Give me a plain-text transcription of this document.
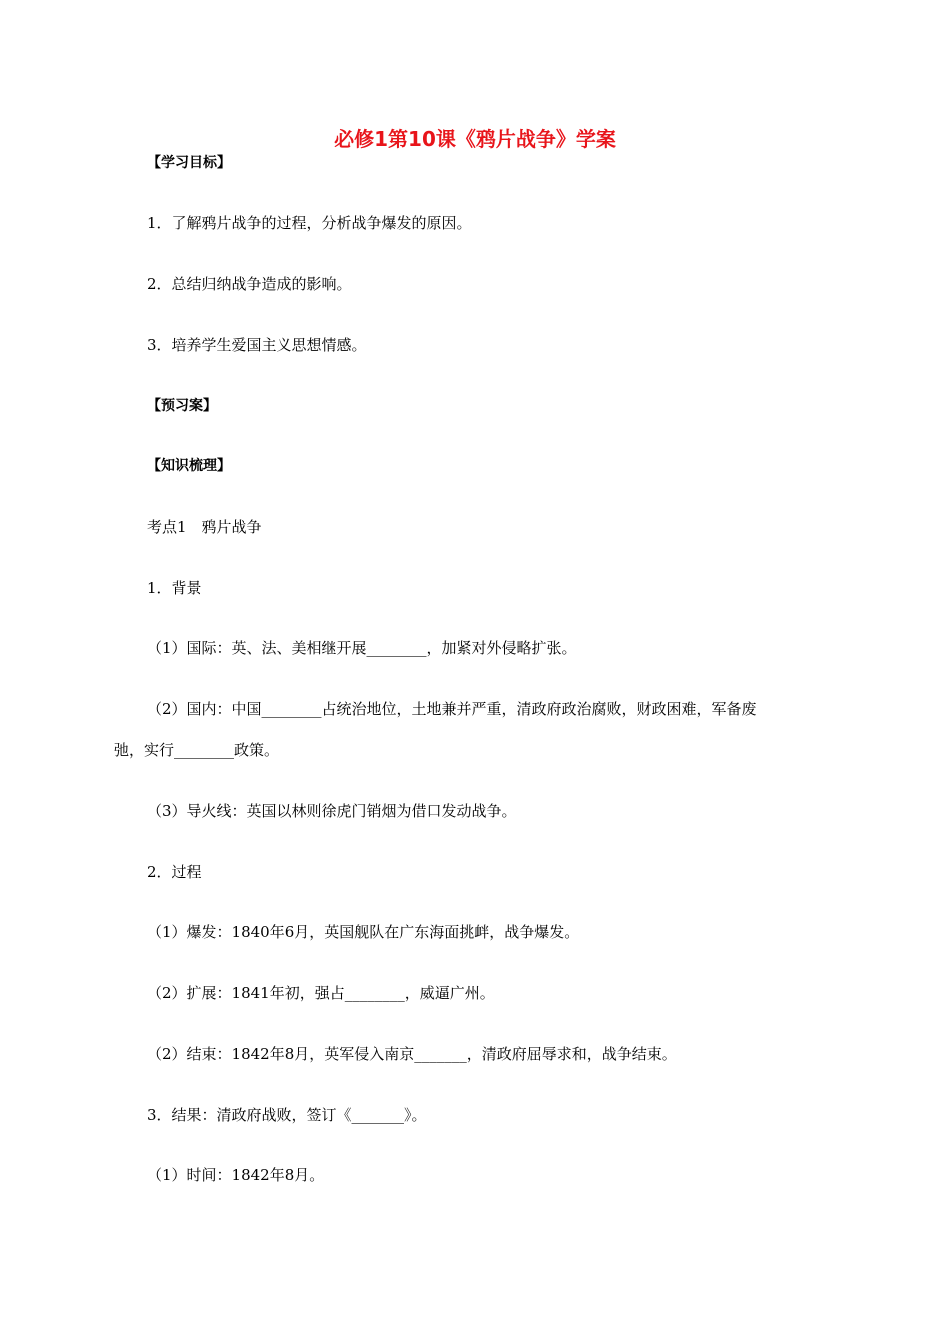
必修1第10课《鸦片战争》学案
【学习目标】
1．了解鸦片战争的过程，分析战争爆发的原因。
2．总结归纳战争造成的影响。
3．培养学生爱国主义思想情感。
【预习案】
【知识梳理】
考点1　鸦片战争
1．背景
（1）国际：英、法、美相继开展________，加紧对外侵略扩张。
（2）国内：中国________占统治地位，土地兼并严重，清政府政治腐败，财政困难，军备废
弛，实行________政策。
（3）导火线：英国以林则徐虎门销烟为借口发动战争。
2．过程
（1）爆发：1840年6月，英国舰队在广东海面挑衅，战争爆发。
（2）扩展：1841年初，强占________，威逼广州。
（2）结束：1842年8月，英军侵入南京_______，清政府屈辱求和，战争结束。
3．结果：清政府战败，签订《_______》。
（1）时间：1842年8月。
